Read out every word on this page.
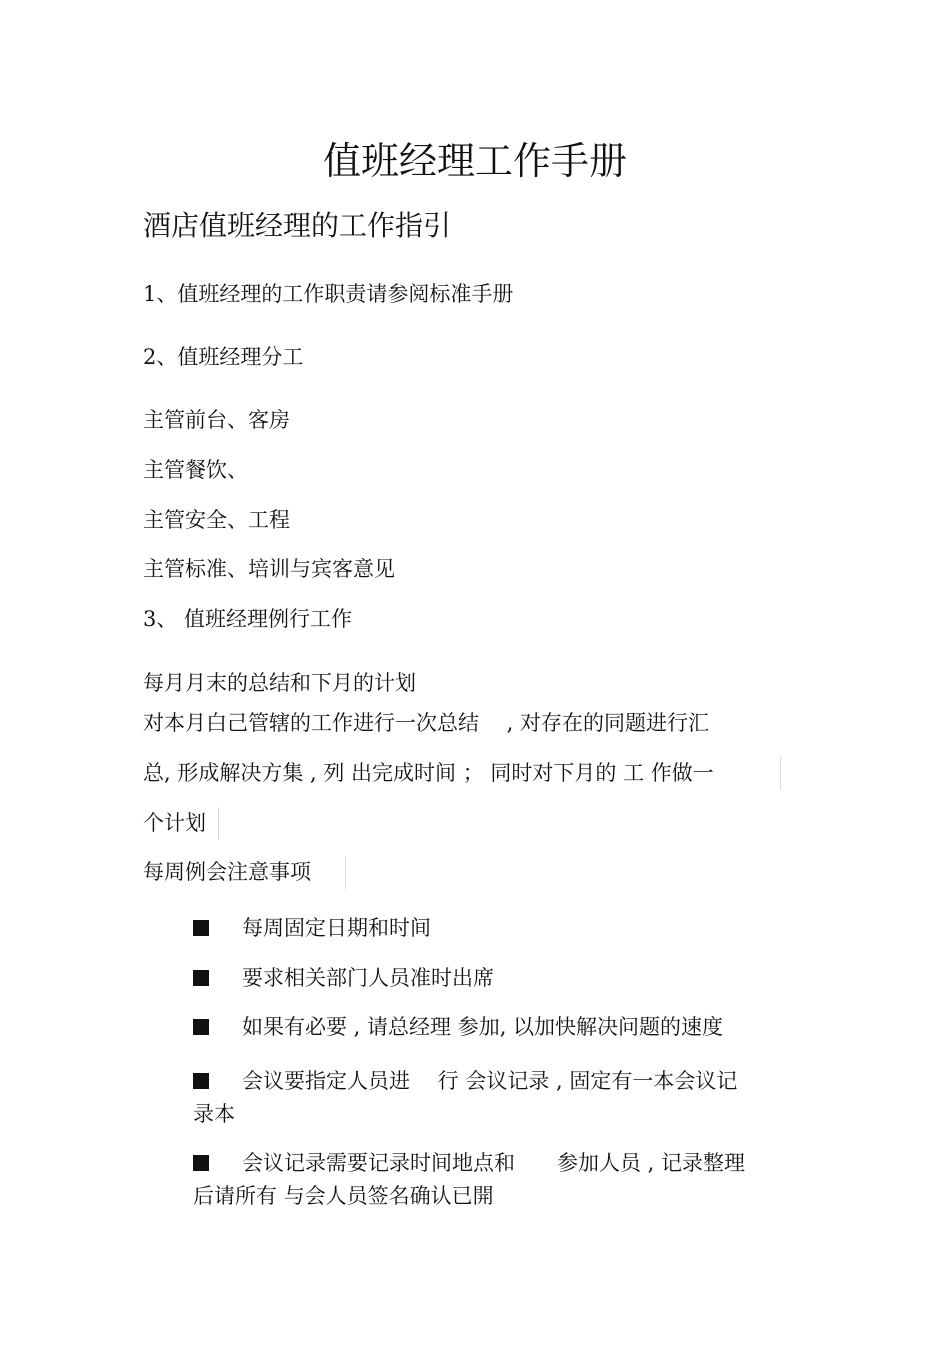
值班经理工作手册
酒店值班经理的工作指引
1、值班经理的工作职责请参阅标准手册
2、值班经理分工
主管前台、客房
主管餐饮、
主管安全、工程
主管标准、培训与宾客意见
3、 值班经理例行工作
每月月末的总结和下月的计划
对本月白己管辖的工作进行一次总结　 , 对存在的同题进行汇
总, 形成解决方集 , 列 出完成时间 ； 同时对下月的 工 作做一
个计划
每周例会注意事项
每周固定日期和时间
要求相关部门人员准时出席
如果有必要 , 请总经理 参加, 以加快解决问题的速度
会议要指定人员进　 行 会议记录 , 固定有一本会议记
录本
会议记录需要记录时间地点和　　参加人员 , 记录整理
后请所有 与会人员签名确认已開
